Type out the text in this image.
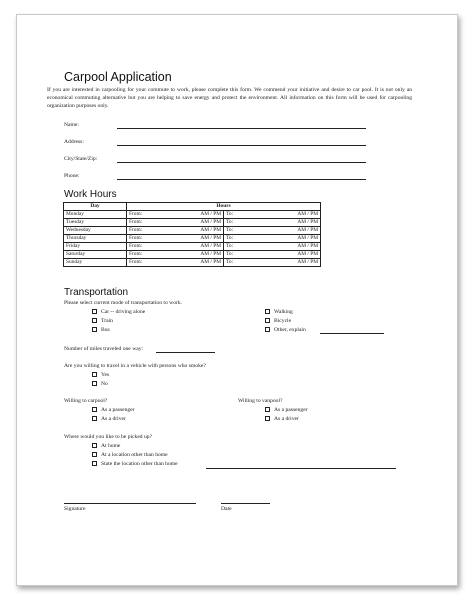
Carpool Application
If you are interested in carpooling for your commute to work, please complete this form. We commend your initiative and desire to car pool. It is not only an economical commuting alternative but you are helping to save energy and protect the environment. All information on this form will be used for carpooling organization purposes only.
Name:
Address:
City/State/Zip:
Phone:
Work Hours
Day	Hours	
Monday	From: AM / PM	To: AM / PM

Tuesday	From: AM / PM	To: AM / PM

Wednesday	From: AM / PM	To: AM / PM

Thursday	From: AM / PM	To: AM / PM

Friday	From: AM / PM	To: AM / PM

Saturday	From: AM / PM	To: AM / PM

Sunday	From: AM / PM	To: AM / PM
Transportation
Please select current mode of transportation to work.
Car -- driving alone
Train
Bus
Walking
Bicycle
Other, explain
Number of miles traveled one way:
Are you willing to travel in a vehicle with persons who smoke?
Yes
No
Willing to carpool?
As a passenger
As a driver
Willing to vanpool?
As a passenger
As a driver
Where would you like to be picked up?
At home
At a location other than home
State the location other than home
Signature	Date
